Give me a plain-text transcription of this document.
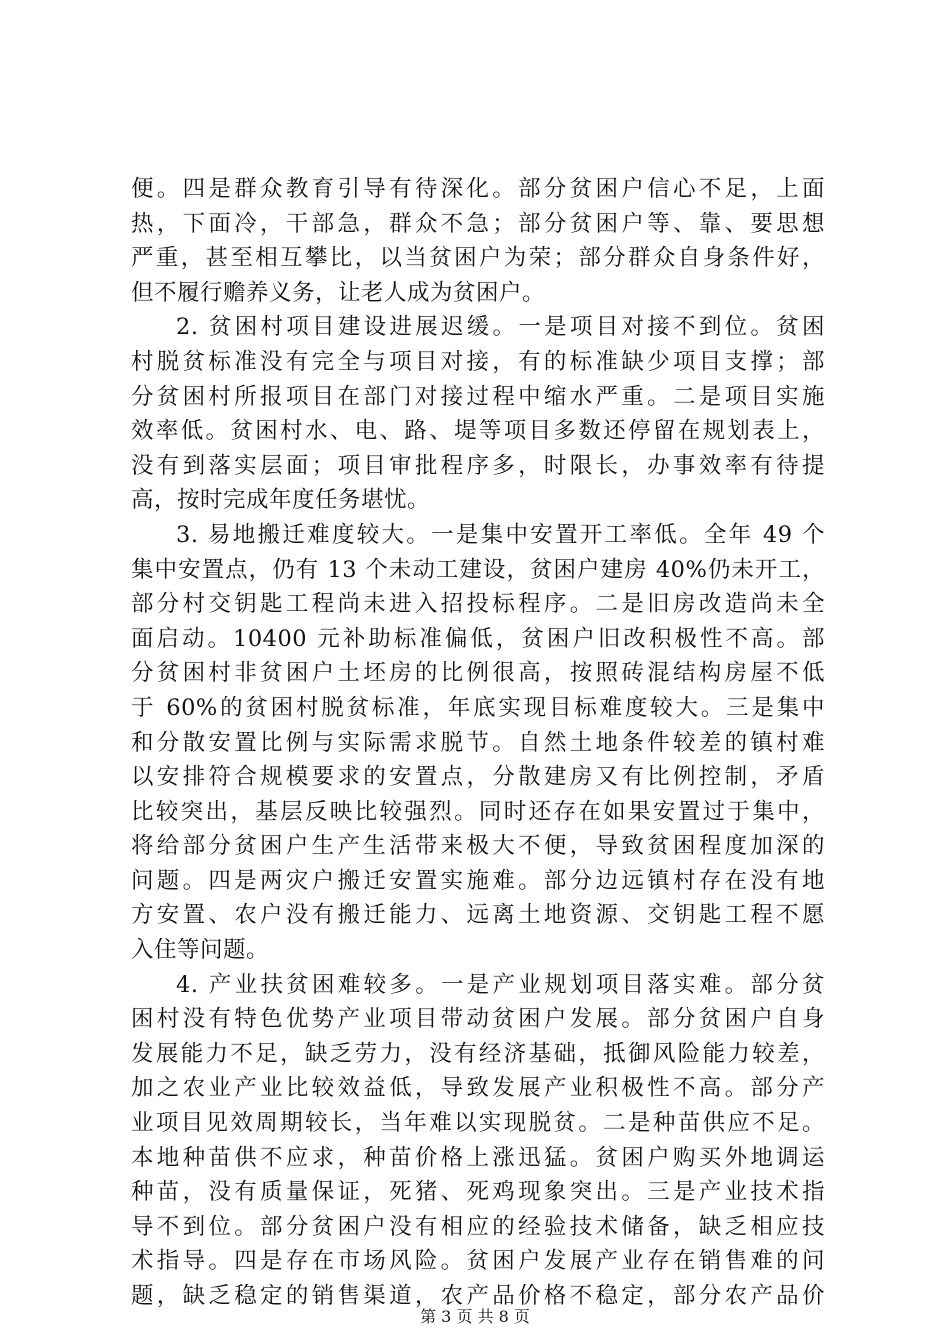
便。四是群众教育引导有待深化。部分贫困户信心不足，上面
热，下面冷，干部急，群众不急；部分贫困户等、靠、要思想
严重，甚至相互攀比，以当贫困户为荣；部分群众自身条件好，
但不履行赡养义务，让老人成为贫困户。
2. 贫困村项目建设进展迟缓。一是项目对接不到位。贫困
村脱贫标准没有完全与项目对接，有的标准缺少项目支撑；部
分贫困村所报项目在部门对接过程中缩水严重。二是项目实施
效率低。贫困村水、电、路、堤等项目多数还停留在规划表上，
没有到落实层面；项目审批程序多，时限长，办事效率有待提
高，按时完成年度任务堪忧。
3. 易地搬迁难度较大。一是集中安置开工率低。全年 49 个
集中安置点，仍有 13 个未动工建设，贫困户建房 40%仍未开工，
部分村交钥匙工程尚未进入招投标程序。二是旧房改造尚未全
面启动。10400 元补助标准偏低，贫困户旧改积极性不高。部
分贫困村非贫困户土坯房的比例很高，按照砖混结构房屋不低
于 60%的贫困村脱贫标准，年底实现目标难度较大。三是集中
和分散安置比例与实际需求脱节。自然土地条件较差的镇村难
以安排符合规模要求的安置点，分散建房又有比例控制，矛盾
比较突出，基层反映比较强烈。同时还存在如果安置过于集中，
将给部分贫困户生产生活带来极大不便，导致贫困程度加深的
问题。四是两灾户搬迁安置实施难。部分边远镇村存在没有地
方安置、农户没有搬迁能力、远离土地资源、交钥匙工程不愿
入住等问题。
4. 产业扶贫困难较多。一是产业规划项目落实难。部分贫
困村没有特色优势产业项目带动贫困户发展。部分贫困户自身
发展能力不足，缺乏劳力，没有经济基础，抵御风险能力较差，
加之农业产业比较效益低，导致发展产业积极性不高。部分产
业项目见效周期较长，当年难以实现脱贫。二是种苗供应不足。
本地种苗供不应求，种苗价格上涨迅猛。贫困户购买外地调运
种苗，没有质量保证，死猪、死鸡现象突出。三是产业技术指
导不到位。部分贫困户没有相应的经验技术储备，缺乏相应技
术指导。四是存在市场风险。贫困户发展产业存在销售难的问
题，缺乏稳定的销售渠道，农产品价格不稳定，部分农产品价
第 3 页 共 8 页
